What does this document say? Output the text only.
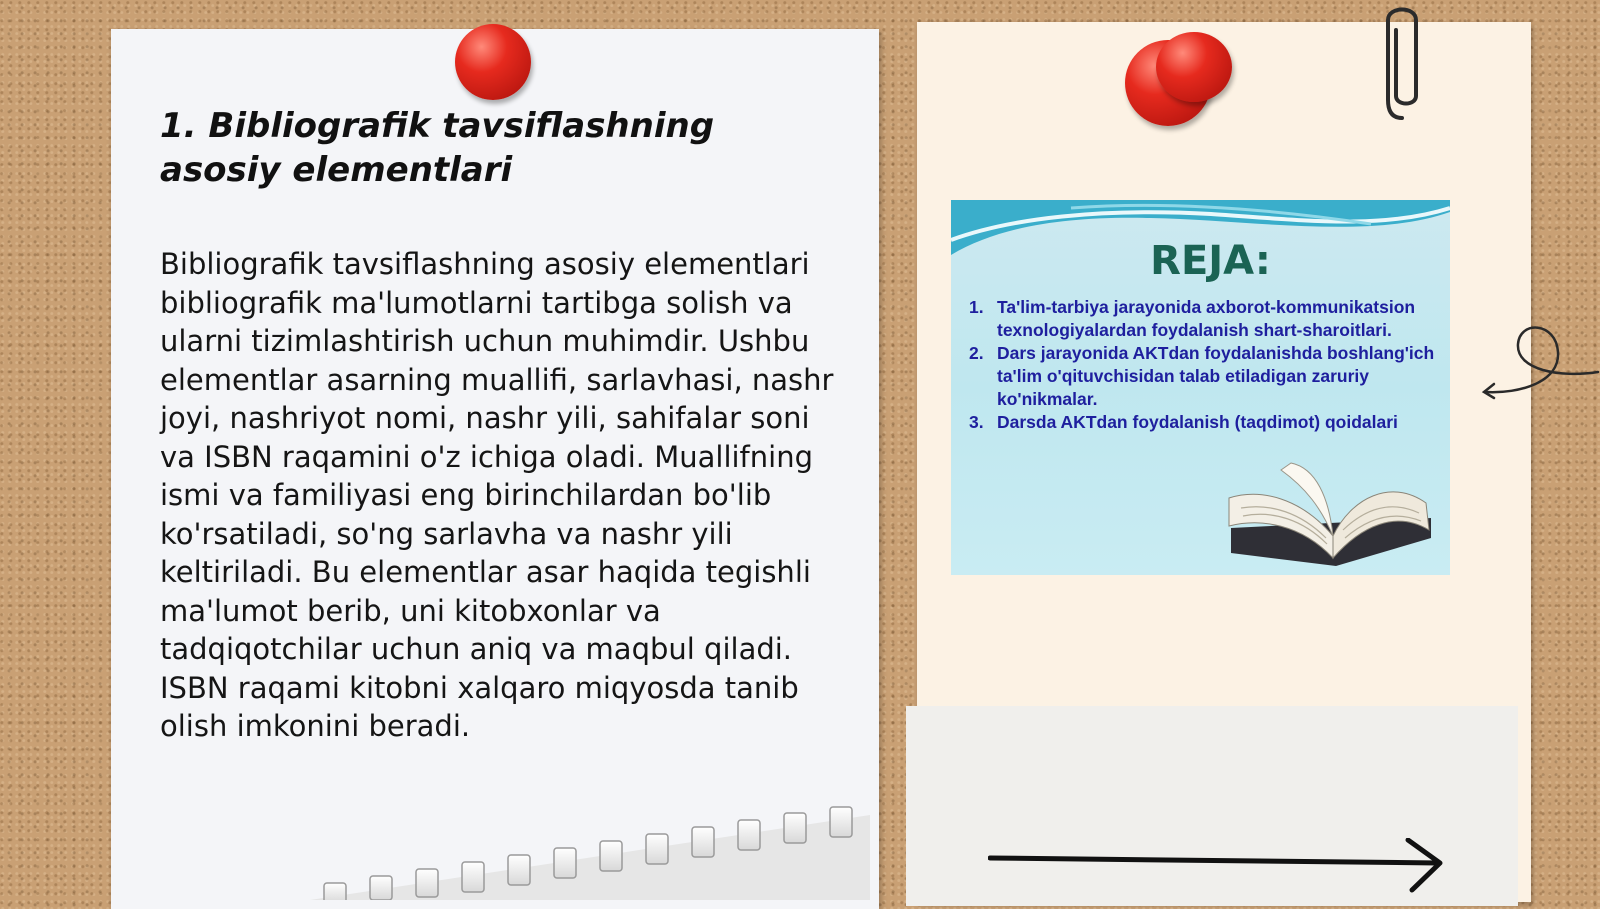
1. Bibliografik tavsiflashning asosiy elementlari
Bibliografik tavsiflashning asosiy elementlari bibliografik ma'lumotlarni tartibga solish va ularni tizimlashtirish uchun muhimdir. Ushbu elementlar asarning muallifi, sarlavhasi, nashr joyi, nashriyot nomi, nashr yili, sahifalar soni va ISBN raqamini o'z ichiga oladi. Muallifning ismi va familiyasi eng birinchilardan bo'lib ko'rsatiladi, so'ng sarlavha va nashr yili keltiriladi. Bu elementlar asar haqida tegishli ma'lumot berib, uni kitobxonlar va tadqiqotchilar uchun aniq va maqbul qiladi. ISBN raqami kitobni xalqaro miqyosda tanib olish imkonini beradi.
REJA:
1. Ta'lim-tarbiya jarayonida axborot-kommunikatsion texnologiyalardan foydalanish shart-sharoitlari.
2. Dars jarayonida AKTdan foydalanishda boshlang'ich ta'lim o'qituvchisidan talab etiladigan zaruriy ko'nikmalar.
3. Darsda AKTdan foydalanish (taqdimot) qoidalari
